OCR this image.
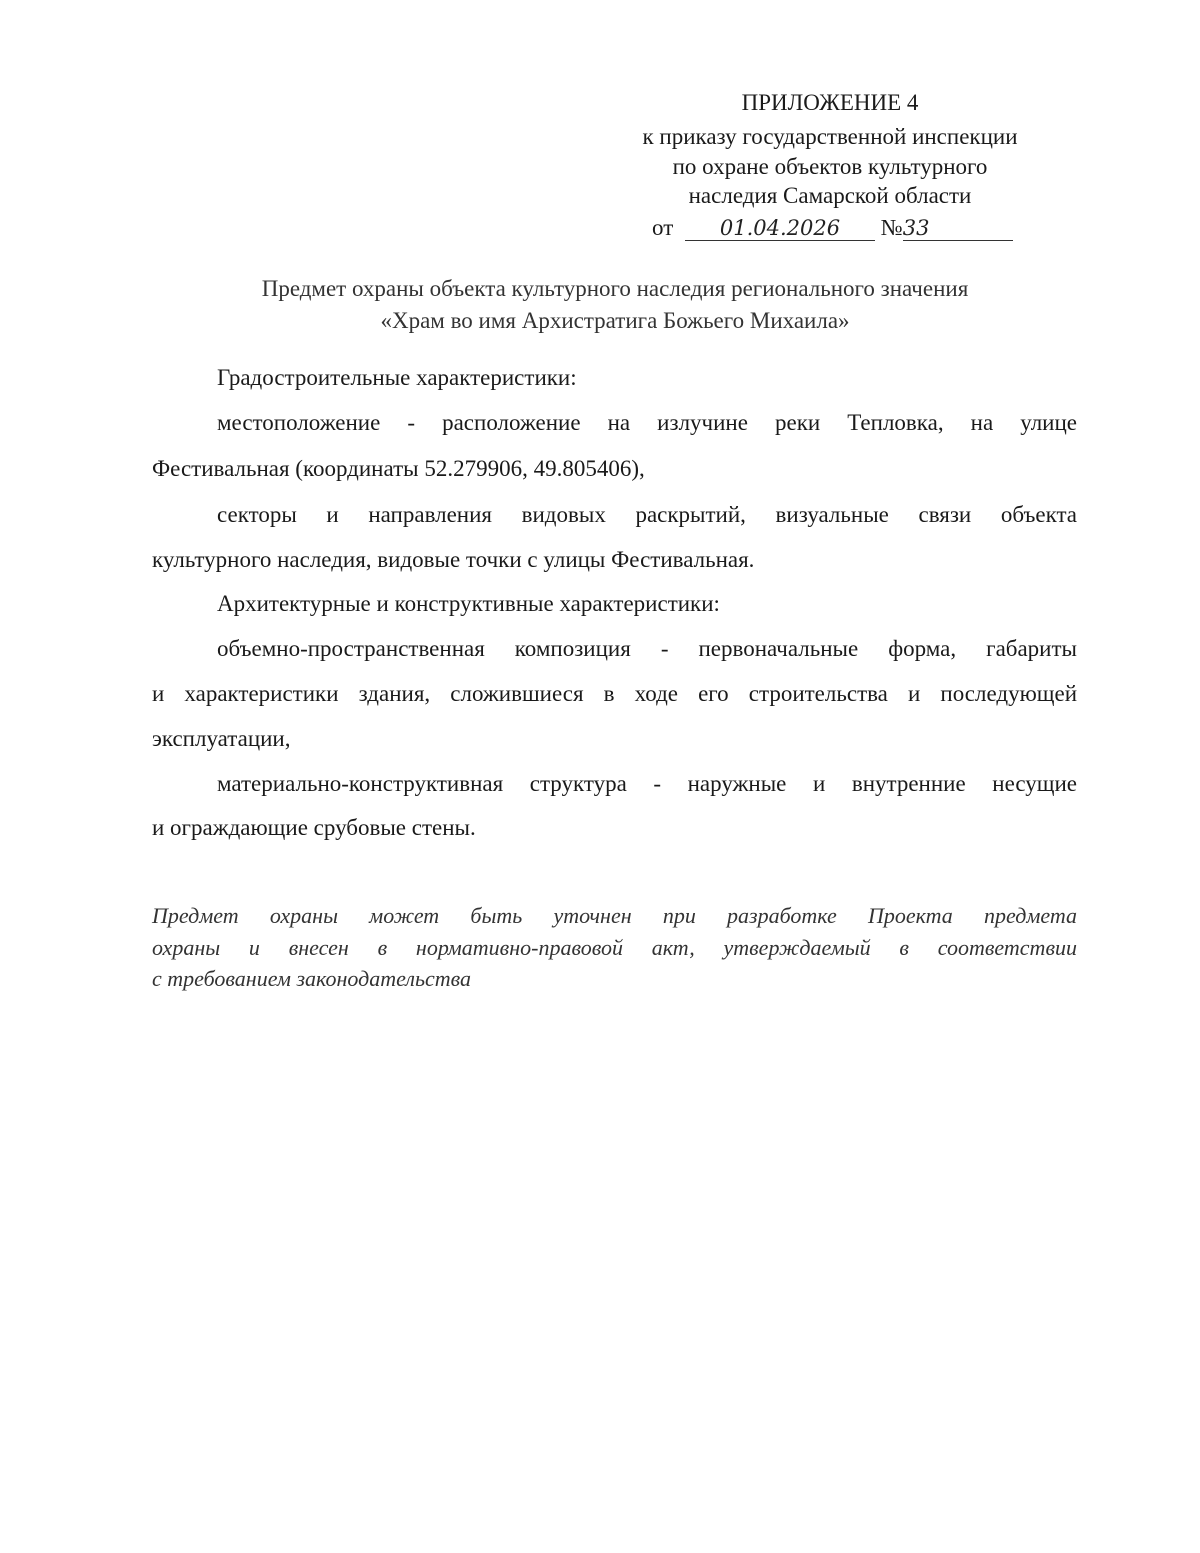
ПРИЛОЖЕНИЕ 4
к приказу государственной инспекции
по охране объектов культурного
наследия Самарской области
от 01.04.2026 №33
Предмет охраны объекта культурного наследия регионального значения
«Храм во имя Архистратига Божьего Михаила»
Градостроительные характеристики:
местоположение - расположение на излучине реки Тепловка, на улице
Фестивальная (координаты 52.279906, 49.805406),
секторы и направления видовых раскрытий, визуальные связи объекта
культурного наследия, видовые точки с улицы Фестивальная.
Архитектурные и конструктивные характеристики:
объемно-пространственная композиция - первоначальные форма, габариты
и характеристики здания, сложившиеся в ходе его строительства и последующей
эксплуатации,
материально-конструктивная структура - наружные и внутренние несущие
и ограждающие срубовые стены.
Предмет охраны может быть уточнен при разработке Проекта предмета
охраны и внесен в нормативно-правовой акт, утверждаемый в соответствии
с требованием законодательства
